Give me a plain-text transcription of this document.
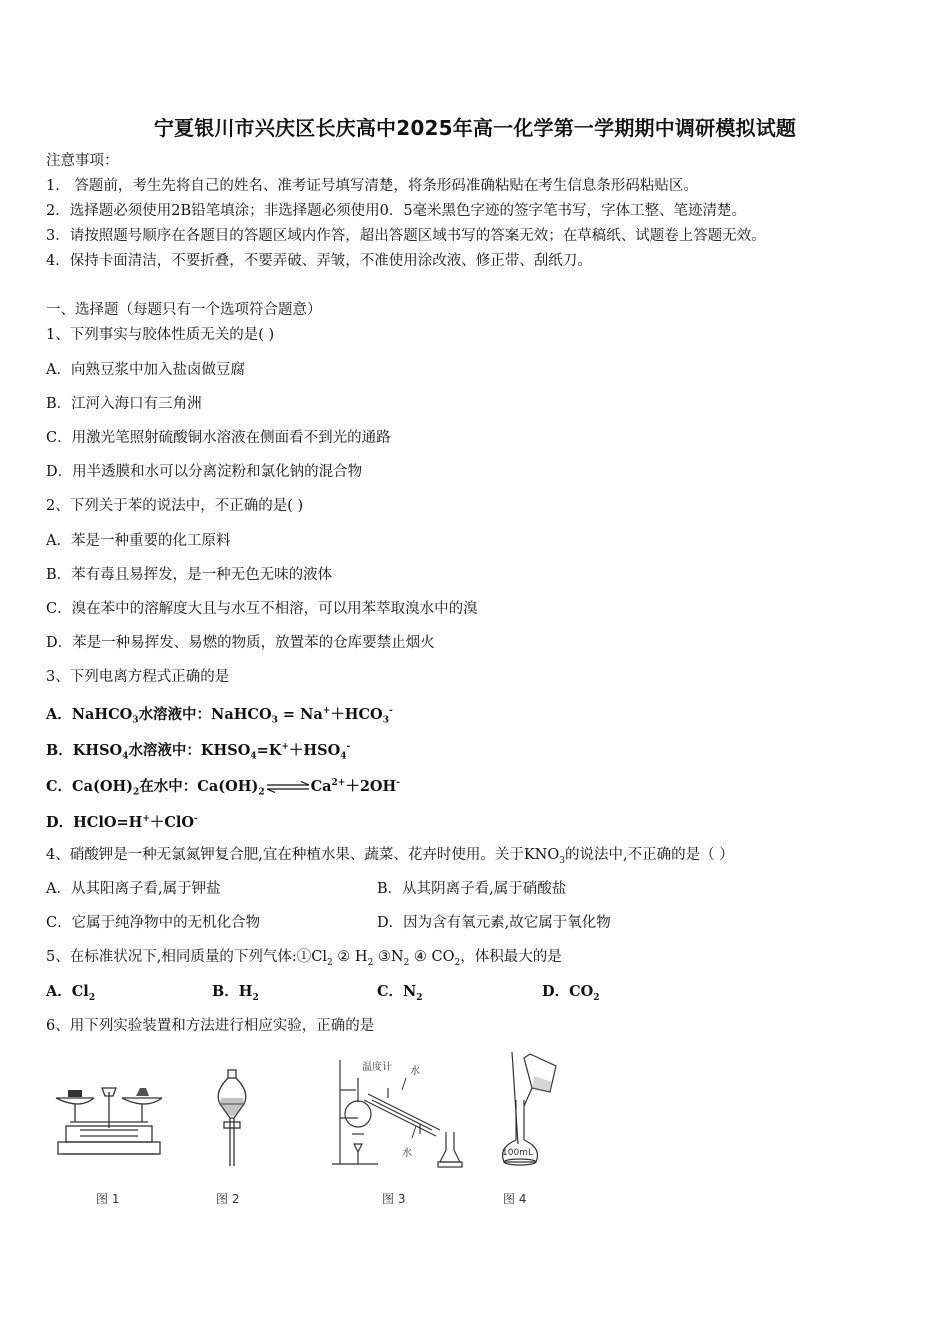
宁夏银川市兴庆区长庆高中2025年高一化学第一学期期中调研模拟试题
注意事项：
1． 答题前，考生先将自己的姓名、准考证号填写清楚，将条形码准确粘贴在考生信息条形码粘贴区。
2．选择题必须使用2B铅笔填涂；非选择题必须使用0．5毫米黑色字迹的签字笔书写，字体工整、笔迹清楚。
3．请按照题号顺序在各题目的答题区域内作答，超出答题区域书写的答案无效；在草稿纸、试题卷上答题无效。
4．保持卡面清洁，不要折叠，不要弄破、弄皱，不准使用涂改液、修正带、刮纸刀。
一、选择题（每题只有一个选项符合题意）
1、下列事实与胶体性质无关的是( )
A．向熟豆浆中加入盐卤做豆腐
B．江河入海口有三角洲
C．用激光笔照射硫酸铜水溶液在侧面看不到光的通路
D．用半透膜和水可以分离淀粉和氯化钠的混合物
2、下列关于苯的说法中，不正确的是( )
A．苯是一种重要的化工原料
B．苯有毒且易挥发，是一种无色无味的液体
C．溴在苯中的溶解度大且与水互不相溶，可以用苯萃取溴水中的溴
D．苯是一种易挥发、易燃的物质，放置苯的仓库要禁止烟火
3、下列电离方程式正确的是
A．NaHCO$_3$水溶液中：NaHCO$_3$ = $Na^++HCO_3^-$
B．$KHSO_4$水溶液中：$KHSO_4=K^++HSO_4^-$
C．$Ca(OH)_2$在水中：$Ca(OH)_2\rightleftharpoons Ca^{2+}+2OH^-$
D．HClO=H+＋ClO-
4、硝酸钾是一种无氯氮钾复合肥,宜在种植水果、蔬菜、花卉时使用。关于$KNO_3$的说法中,不正确的是（ ）
A．从其阳离子看,属于钾盐	B．从其阴离子看,属于硝酸盐
C．它属于纯净物中的无机化合物	D．因为含有氧元素,故它属于氧化物
5、在标准状况下,相同质量的下列气体$:①Cl_2$ ② $H_2$ $③N_2$ ④ $CO_2$，体积最大的是
A．$Cl_2$	B．$H_2$	C．$N_2$	D．$CO_2$
6、用下列实验装置和方法进行相应实验，正确的是
图 1	图 2
温度计 水
水
图 3
100mL
图 4
